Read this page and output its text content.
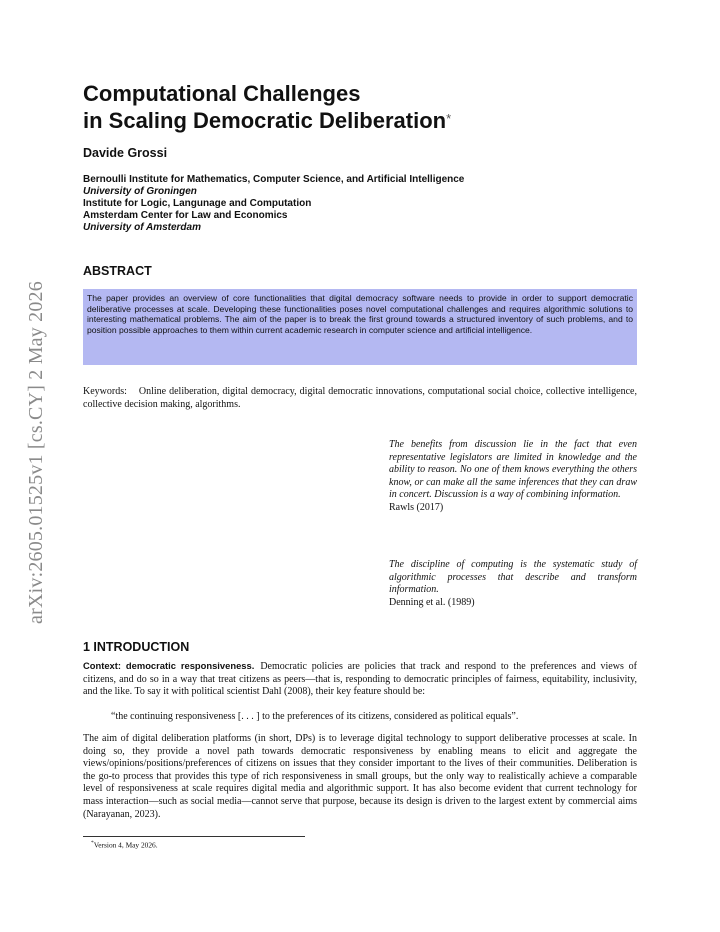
arXiv:2605.01525v1 [cs.CY] 2 May 2026
Computational Challenges
in Scaling Democratic Deliberation*

Davide Grossi

Bernoulli Institute for Mathematics, Computer Science, and Artificial Intelligence
University of Groningen
Institute for Logic, Langunage and Computation
Amsterdam Center for Law and Economics
University of Amsterdam
ABSTRACT
The paper provides an overview of core functionalities that digital democracy software needs to provide in order to support democratic deliberative processes at scale. Developing these functionalities poses novel computational challenges and requires algorithmic solutions to interesting mathematical problems. The aim of the paper is to break the first ground towards a structured inventory of such problems, and to position possible approaches to them within current academic research in computer science and artificial intelligence.

Keywords: Online deliberation, digital democracy, digital democratic innovations, computational social choice, collective intelligence, collective decision making, algorithms.

The benefits from discussion lie in the fact that even representative legislators are limited in knowledge and the ability to reason. No one of them knows everything the others know, or can make all the same inferences that they can draw in concert. Discussion is a way of combining information.
Rawls (2017)
The discipline of computing is the systematic study of algorithmic processes that describe and transform information.
Denning et al. (1989)
1 INTRODUCTION

Context: democratic responsiveness. Democratic policies are policies that track and respond to the preferences and views of citizens, and do so in a way that treat citizens as peers—that is, responding to democratic principles of fairness, equitability, inclusivity, and the like. To say it with political scientist Dahl (2008), their key feature should be:

“the continuing responsiveness [. . . ] to the preferences of its citizens, considered as political equals”.

The aim of digital deliberation platforms (in short, DPs) is to leverage digital technology to support deliberative processes at scale. In doing so, they provide a novel path towards democratic responsiveness by enabling means to elicit and aggregate the views/opinions/positions/preferences of citizens on issues that they consider important to the lives of their communities. Deliberation is the go-to process that provides this type of rich responsiveness in small groups, but the only way to realistically achieve a comparable level of responsiveness at scale requires digital media and algorithmic support. It has also become evident that current technology for mass interaction—such as social media—cannot serve that purpose, because its design is driven to the largest extent by commercial aims (Narayanan, 2023).

*Version 4, May 2026.
